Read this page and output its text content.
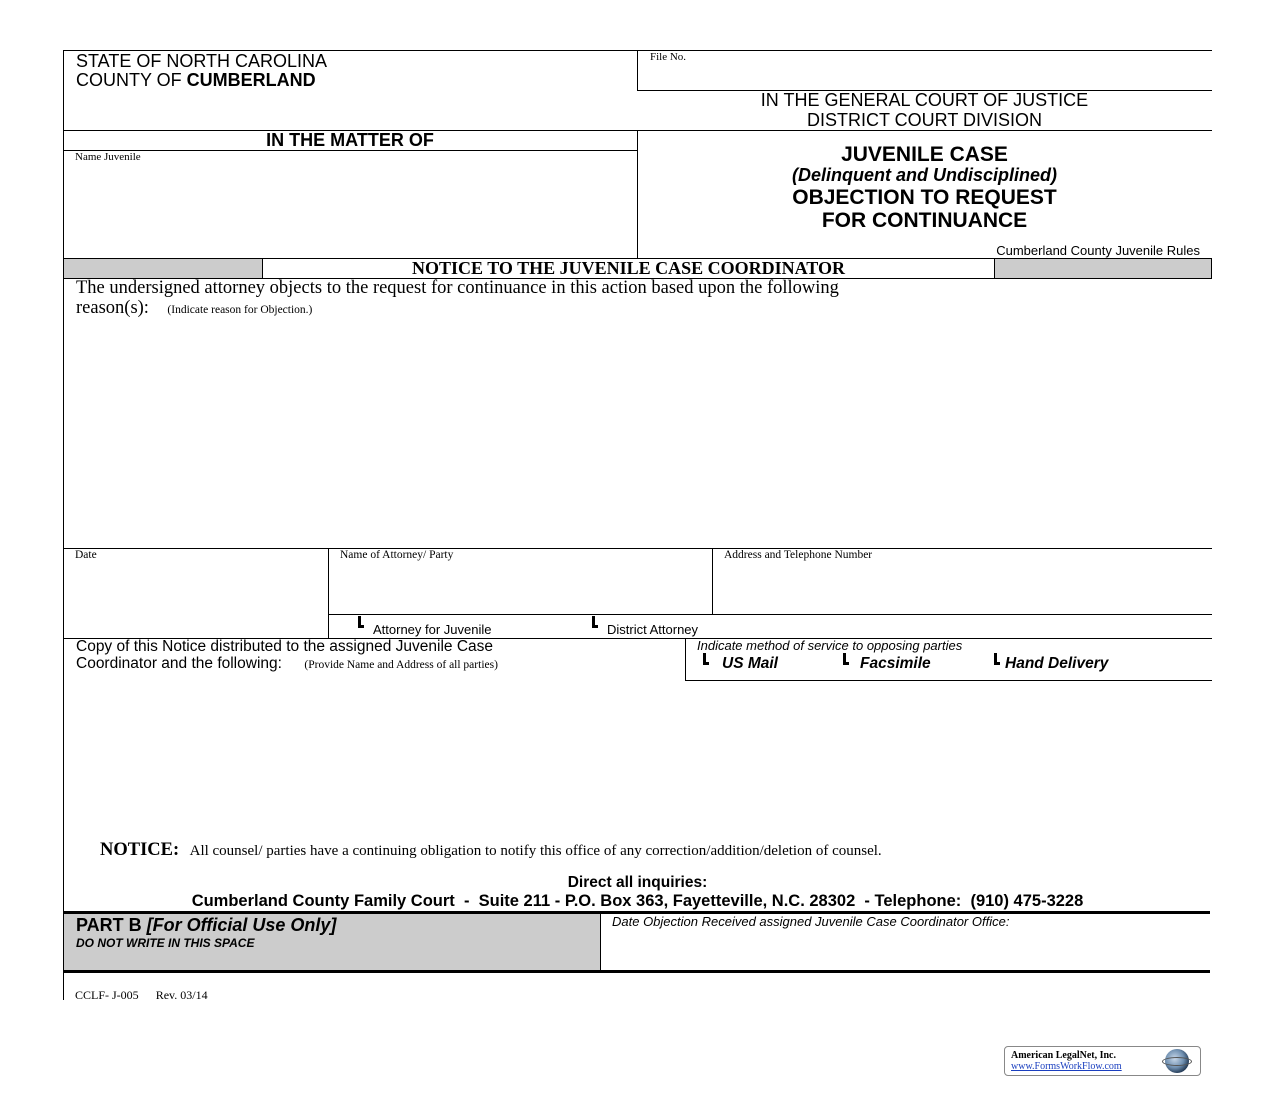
STATE OF NORTH CAROLINA
COUNTY OF CUMBERLAND
File No.
IN THE GENERAL COURT OF JUSTICE
DISTRICT COURT DIVISION
IN THE MATTER OF
Name Juvenile	JUVENILE CASE
(Delinquent and Undisciplined)
OBJECTION TO REQUEST
FOR CONTINUANCE
Cumberland County Juvenile Rules
NOTICE TO THE JUVENILE CASE COORDINATOR
The undersigned attorney objects to the request for continuance in this action based upon the following
reason(s): (Indicate reason for Objection.)
Date	Name of Attorney/ Party	Address and Telephone Number
Attorney for Juvenile	District Attorney
Copy of this Notice distributed to the assigned Juvenile Case
Coordinator and the following: (Provide Name and Address of all parties)
Indicate method of service to opposing parties
US Mail	Facsimile	Hand Delivery
NOTICE: All counsel/ parties have a continuing obligation to notify this office of any correction/addition/deletion of counsel.
Direct all inquiries:
Cumberland County Family Court  -  Suite 211 - P.O. Box 363, Fayetteville, N.C. 28302  - Telephone:  (910) 475-3228
PART B [For Official Use Only]
DO NOT WRITE IN THIS SPACE
Date Objection Received assigned Juvenile Case Coordinator Office:
CCLF- J-005 Rev. 03/14
American LegalNet, Inc.
www.FormsWorkFlow.com
